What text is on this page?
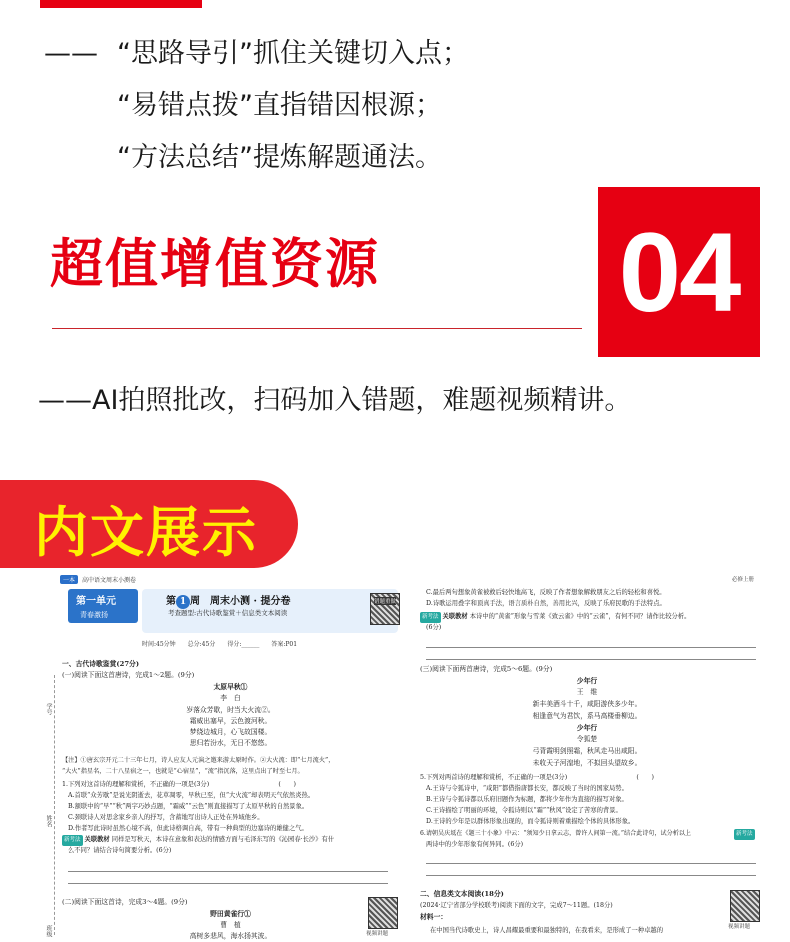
—— “思路导引”抓住关键切入点；
“易错点拨”直指错因根源；
“方法总结”提炼解题通法。
超值增值资源 04
——AI拍照批改，扫码加入错题，难题视频精讲。
内文展示
一本	高中语文周末小测卷
第一单元
青春激扬
第 1 周　周末小测 · 提分卷
考查题型:古代诗歌鉴赏＋信息类文本阅读
错题重做
时间:45分钟　　总分:45分　　得分:______　　答案:P01
学号
姓名
班级
一、古代诗歌鉴赏(27分)
(一)阅读下面这首唐诗，完成1～2题。(9分)
太原早秋①
李　白
岁落众芳歇，时当大火流②。
霜威出塞早，云色渡河秋。
梦绕边城月，心飞故国楼。
思归若汾水，无日不悠悠。
【注】①唐玄宗开元二十三年七月，诗人应友人元演之邀来游太原时作。②大火流：即“七月流火”，
“大火”指星名，二十八星宿之一，也就是“心宿星”，“流”指沉落，这里点出了时至七月。
1.下列对这首诗的理解和赏析，不正确的一项是(3分)　　　　　　　　　　　(　　)
A.首联“众芳歇”是说光阴逝去，花草凋零，早秋已至，但“大火流”却表明天气依然炎热。
B.颔联中的“早”“秋”两字巧妙点题，“霜威”“云色”则直接描写了太原早秋的自然景象。
C.颈联诗人对思念家乡亲人的抒写，含蓄地写出诗人正处在异域他乡。
D.作者写此诗时虽然心境不高，但此诗格调自高，带有一种典型的边塞诗的雄健之气。
新考法 关联教材 同样是写秋天，本诗在意象和表达的情感方面与毛泽东写的《沁园春·长沙》有什
么不同？请结合诗句简要分析。(6分)
(二)阅读下面这首诗，完成3～4题。(9分)
野田黄雀行①
曹　植
高树多悲风，海水扬其波。	视频讲题
必修上册
C.最后两句想象黄雀被救后轻快地高飞，反映了作者想象解救朋友之后的轻松和喜悦。
D.诗歌运用叠字和顶真手法，语言质朴自然，善用比兴，反映了乐府民歌的手法特点。
新考法 关联教材 本诗中的“黄雀”形象与雪莱《致云雀》中的“云雀”，有何不同？请作比较分析。
(6分)
(三)阅读下面两首唐诗，完成5～6题。(9分)
少年行
王　维
新丰美酒斗十千，咸阳游侠多少年。
相逢意气为君饮，系马高楼垂柳边。
少年行
令狐楚
弓背霞明剑照霜，秋风走马出咸阳。
未收天子河湟地，不拟回头望故乡。
5.下列对两首诗的理解和赏析，不正确的一项是(3分)　　　　　　　　　　　(　　)
A.王诗与令狐诗中，“咸阳”都借指唐都长安，都反映了当时的国家局势。
B.王诗与令狐诗都以乐府旧题作为标题，都将少年作为直接的描写对象。
C.王诗描绘了明丽的环境，令狐诗则以“霜”“秋风”设定了苦寒的背景。
D.王诗的少年是以群体形象出现的，而令狐诗则着重描绘个体的具体形象。
6.请朝吴庆坻在《题三十小象》中云：“须知少日拿云志，曾许人间第一流。”结合此诗句，试分析以上
两诗中的少年形象有何异同。(6分)
新考法
二、信息类文本阅读(18分)
(2024·辽宁省部分学校联考)阅读下面的文字，完成7～11题。(18分)
材料一：
在中国当代诗歌史上，诗人昌耀最重要和最独特的，在我看来，是形成了一种卓越的	视频讲题
